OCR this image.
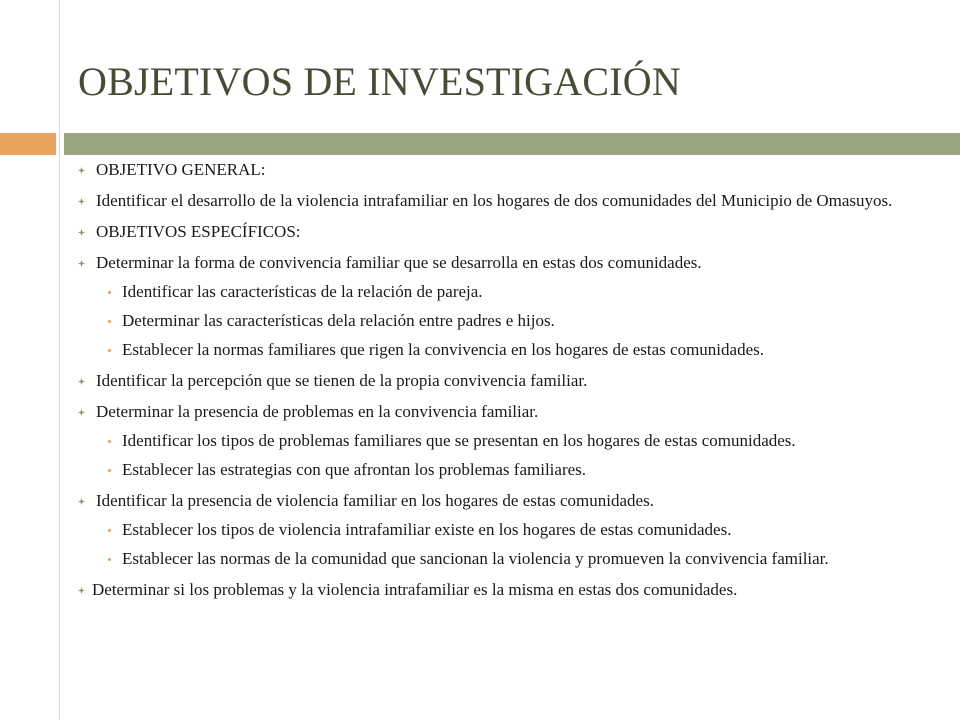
OBJETIVOS DE INVESTIGACIÓN
OBJETIVO GENERAL:
Identificar el desarrollo de la violencia intrafamiliar en los hogares de dos comunidades del Municipio de Omasuyos.
OBJETIVOS ESPECÍFICOS:
Determinar la forma de convivencia familiar que se desarrolla en estas dos comunidades.
Identificar las características de la relación de pareja.
Determinar las características dela relación entre padres e hijos.
Establecer la normas familiares que rigen la convivencia en los hogares de estas comunidades.
Identificar la percepción que se tienen de la propia convivencia familiar.
Determinar la presencia de problemas en la convivencia familiar.
Identificar los tipos de problemas familiares que se presentan en los hogares de estas comunidades.
Establecer las estrategias con que afrontan los problemas familiares.
Identificar la presencia de violencia familiar en los hogares de estas comunidades.
Establecer los tipos de violencia intrafamiliar existe en los hogares de estas comunidades.
Establecer las normas de la comunidad que sancionan la violencia y promueven la convivencia familiar.
Determinar si los problemas y la violencia intrafamiliar es la misma en estas dos comunidades.
